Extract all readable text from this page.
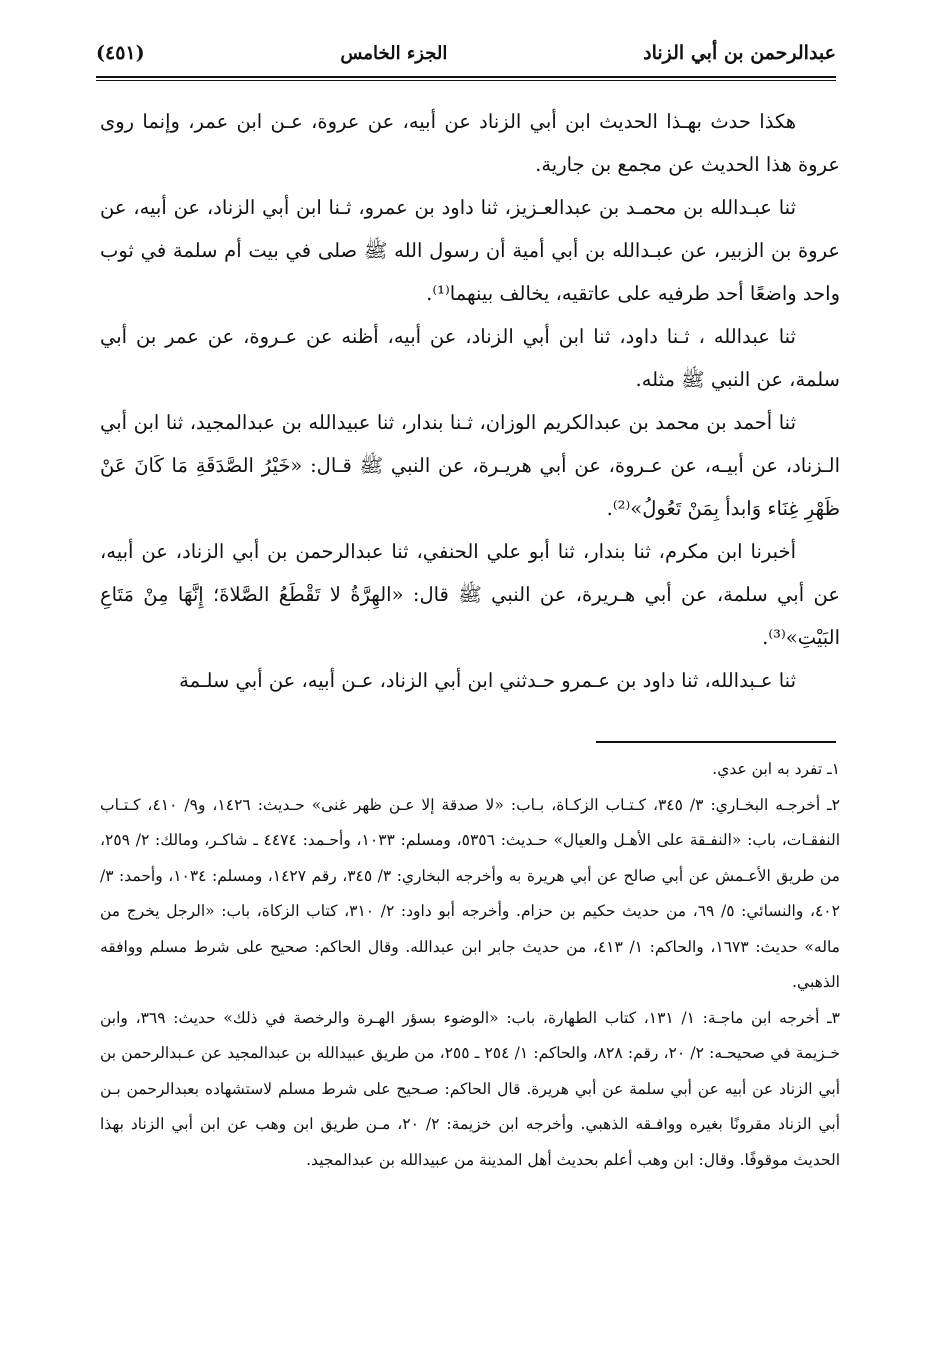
عبدالرحمن بن أبي الزناد
الجزء الخامس
(٤٥١)

هكذا حدث بهـذا الحديث ابن أبي الزناد عن أبيه، عن عروة، عـن ابن عمر، وإنما روى عروة هذا الحديث عن مجمع بن جارية.

ثنا عبـدالله بن محمـد بن عبدالعـزيز، ثنا داود بن عمرو، ثـنا ابن أبي الزناد، عن أبيه، عن عروة بن الزبير، عن عبـدالله بن أبي أمية أن رسول الله ﷺ صلى في بيت أم سلمة في ثوب واحد واضعًا أحد طرفيه على عاتقيه، يخالف بينهما⁽¹⁾.

ثنا عبدالله ، ثـنا داود، ثنا ابن أبي الزناد، عن أبيه، أظنه عن عـروة، عن عمر بن أبي سلمة، عن النبي ﷺ مثله.

ثنا أحمد بن محمد بن عبدالكريم الوزان، ثـنا بندار، ثنا عبيدالله بن عبدالمجيد، ثنا ابن أبي الـزناد، عن أبيـه، عن عـروة، عن أبي هريـرة، عن النبي ﷺ قـال: «خَيْرُ الصَّدَقَةِ مَا كَانَ عَنْ ظَهْرِ غِنَاء وَابدأ بِمَنْ تَعُولُ»⁽²⁾.

أخبرنا ابن مكرم، ثنا بندار، ثنا أبو علي الحنفي، ثنا عبدالرحمن بن أبي الزناد، عن أبيه، عن أبي سلمة، عن أبي هـريرة، عن النبي ﷺ قال: «الهِرَّةُ لا تَقْطَعُ الصَّلاةَ؛ إِنَّهَا مِنْ مَتَاعِ البَيْتِ»⁽³⁾.

ثنا عـبدالله، ثنا داود بن عـمرو حـدثني ابن أبي الزناد، عـن أبيه، عن أبي سلـمة

١ـ تفرد به ابن عدي.

٢ـ أخرجـه البخـاري: ٣/ ٣٤٥، كـتـاب الزكـاة، بـاب: «لا صدقة إلا عـن ظهر غنى» حـديث: ١٤٢٦، و٩/ ٤١٠، كـتـاب النفقـات، باب: «النفـقة على الأهـل والعيال» حـديث: ٥٣٥٦، ومسلم: ١٠٣٣، وأحـمد: ٤٤٧٤ ـ شاكـر، ومالك: ٢/ ٢٥٩، من طريق الأعـمش عن أبي صالح عن أبي هريرة به وأخرجه البخاري: ٣/ ٣٤٥، رقم ١٤٢٧، ومسلم: ١٠٣٤، وأحمد: ٣/ ٤٠٢، والنسائي: ٥/ ٦٩، من حديث حكيم بن حزام. وأخرجه أبو داود: ٢/ ٣١٠، كتاب الزكاة، باب: «الرجل يخرج من ماله» حديث: ١٦٧٣، والحاكم: ١/ ٤١٣، من حديث جابر ابن عبدالله. وقال الحاكم: صحيح على شرط مسلم ووافقه الذهبي.

٣ـ أخرجه ابن ماجـة: ١/ ١٣١، كتاب الطهارة، باب: «الوضوء بسؤر الهـرة والرخصة في ذلك» حديث: ٣٦٩، وابن خـزيمة في صحيحـه: ٢/ ٢٠، رقم: ٨٢٨، والحاكم: ١/ ٢٥٤ ـ ٢٥٥، من طريق عبيدالله بن عبدالمجيد عن عـبدالرحمن بن أبي الزناد عن أبيه عن أبي سلمة عن أبي هريرة. قال الحاكم: صـحيح على شرط مسلم لاستشهاده بعبدالرحمن بـن أبي الزناد مقرونًا بغيره ووافـقه الذهبي. وأخرجه ابن خزيمة: ٢/ ٢٠، مـن طريق ابن وهب عن ابن أبي الزناد بهذا الحديث موقوفًا. وقال: ابن وهب أعلم بحديث أهل المدينة من عبيدالله بن عبدالمجيد.
